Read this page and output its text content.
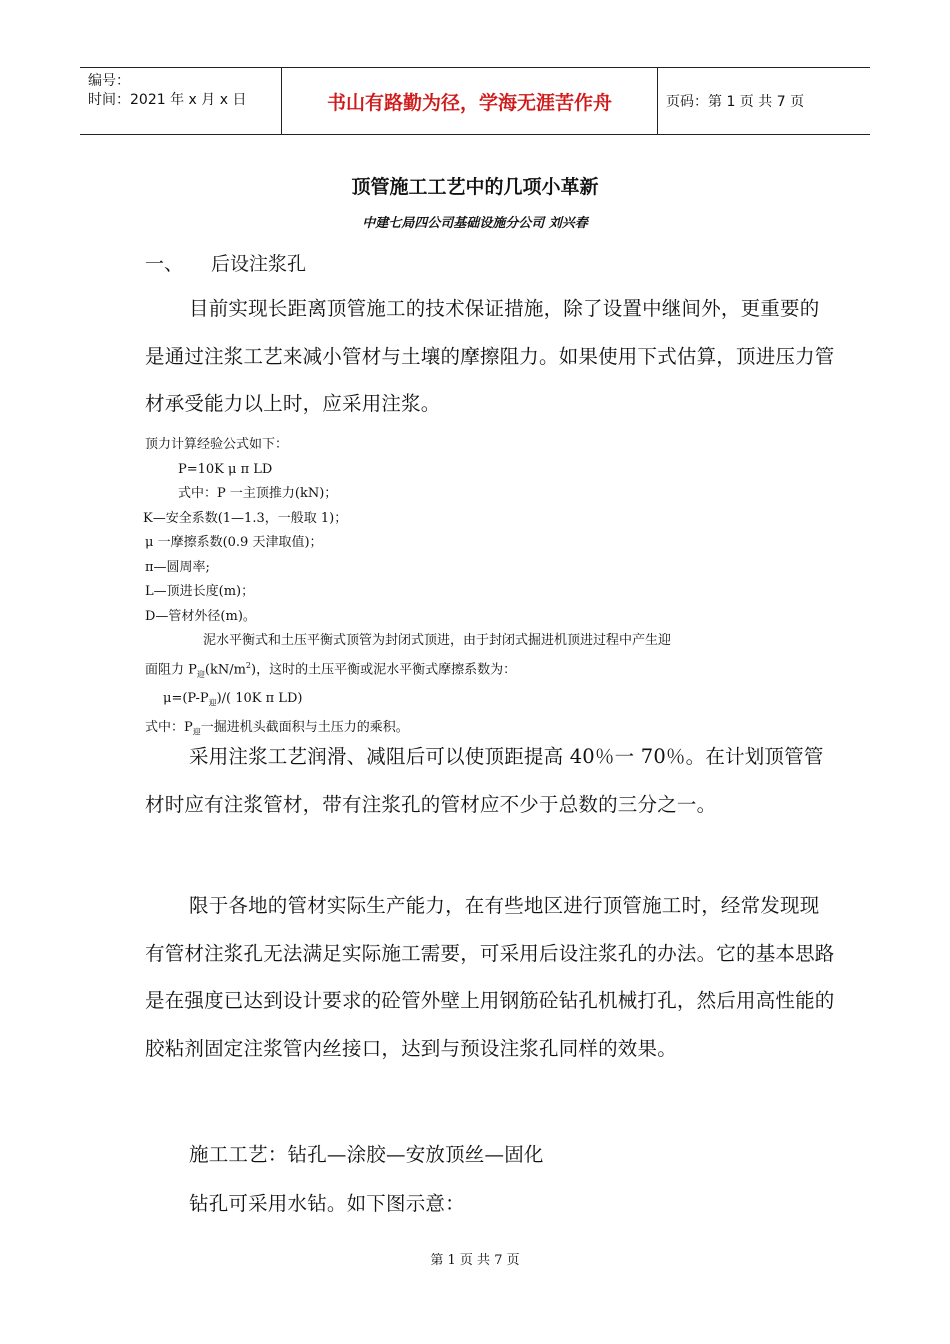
编号：
时间：2021 年 x 月 x 日	书山有路勤为径，学海无涯苦作舟	页码：第 1 页 共 7 页
顶管施工工艺中的几项小革新
中建七局四公司基础设施分公司 刘兴春
一、 后设注浆孔

目前实现长距离顶管施工的技术保证措施，除了设置中继间外，更重要的是通过注浆工艺来减小管材与土壤的摩擦阻力。如果使用下式估算，顶进压力管材承受能力以上时，应采用注浆。

顶力计算经验公式如下：
P=10K μ π LD
式中：P 一主顶推力(kN)；
K—安全系数(1—1.3，一般取 1)；
μ 一摩擦系数(0.9 天津取值)；
π—圆周率;
L—顶进长度(m)；
D—管材外径(m)。
泥水平衡式和土压平衡式顶管为封闭式顶进，由于封闭式掘进机顶进过程中产生迎
面阻力 $P_迎(kN/m^2)$，这时的土压平衡或泥水平衡式摩擦系数为：
$\mu=(P-P_迎)/$( 10K π LD)
式中：$P_迎$一掘进机头截面积与土压力的乘积。

采用注浆工艺润滑、减阻后可以使顶距提高 40％一 70％。在计划顶管管材时应有注浆管材，带有注浆孔的管材应不少于总数的三分之一。

限于各地的管材实际生产能力，在有些地区进行顶管施工时，经常发现现有管材注浆孔无法满足实际施工需要，可采用后设注浆孔的办法。它的基本思路是在强度已达到设计要求的砼管外壁上用钢筋砼钻孔机械打孔，然后用高性能的胶粘剂固定注浆管内丝接口，达到与预设注浆孔同样的效果。

施工工艺：钻孔—涂胶—安放顶丝—固化

钻孔可采用水钻。如下图示意：

第 1 页 共 7 页
